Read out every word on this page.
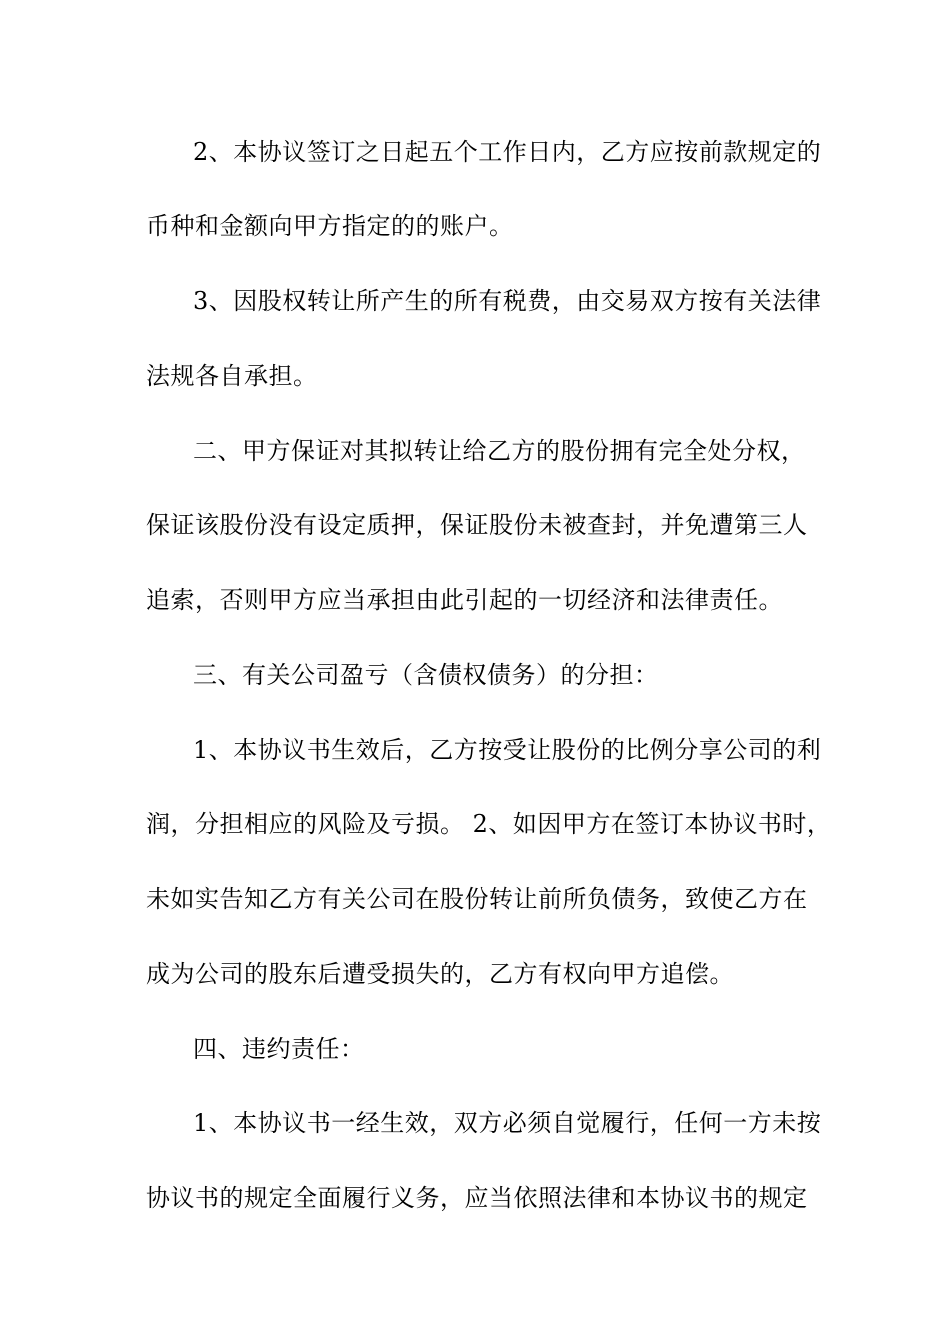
2、本协议签订之日起五个工作日内，乙方应按前款规定的
币种和金额向甲方指定的的账户。
3、因股权转让所产生的所有税费，由交易双方按有关法律
法规各自承担。
二、甲方保证对其拟转让给乙方的股份拥有完全处分权，
保证该股份没有设定质押，保证股份未被查封，并免遭第三人
追索，否则甲方应当承担由此引起的一切经济和法律责任。
三、有关公司盈亏（含债权债务）的分担：
1、本协议书生效后，乙方按受让股份的比例分享公司的利
润，分担相应的风险及亏损。 2、如因甲方在签订本协议书时，
未如实告知乙方有关公司在股份转让前所负债务，致使乙方在
成为公司的股东后遭受损失的，乙方有权向甲方追偿。
四、违约责任：
1、本协议书一经生效，双方必须自觉履行，任何一方未按
协议书的规定全面履行义务，应当依照法律和本协议书的规定
